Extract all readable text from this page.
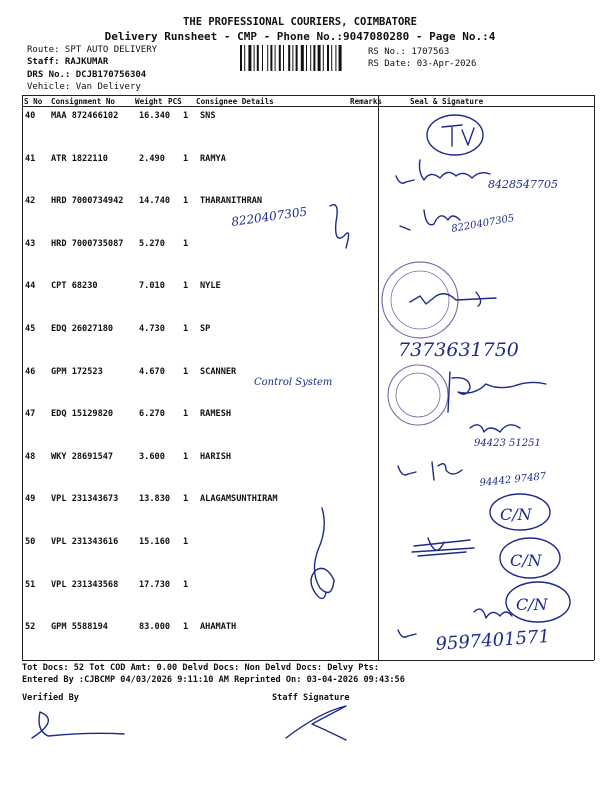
THE PROFESSIONAL COURIERS, COIMBATORE
Delivery Runsheet - CMP - Phone No.:9047080280 - Page No.:4
Route: SPT AUTO DELIVERY
Staff: RAJKUMAR
DRS No.: DCJB170756304
Vehicle: Van Delivery
RS No.: 1707563
RS Date: 03-Apr-2026
S No Consignment No	Weight PCS Consignee Details	Remarks	Seal & Signature
40 MAA 872466102 16.340 1 SNS
41 ATR 1822110	2.490 1 RAMYA
42 HRD 7000734942 14.740 1 THARANITHRAN
43 HRD 7000735087 5.270 1
44 CPT 68230	7.010 1 NYLE
45 EDQ 26027180	4.730 1 SP
46 GPM 172523	4.670 1 SCANNER
47 EDQ 15129820	6.270 1 RAMESH
48 WKY 28691547	3.600 1 HARISH
49 VPL 231343673 13.830 1 ALAGAMSUNTHIRAM
50 VPL 231343616 15.160 1
51 VPL 231343568 17.730 1
52 GPM 5588194	83.000 1 AHAMATH
8428547705
8220407305	8220407305
7373631750
Control System
94423 51251
94442 97487
C/N
C/N
C/N
9597401571
Tot Docs: 52 Tot COD Amt: 0.00 Delvd Docs: Non Delvd Docs: Delvy Pts:
Entered By :CJBCMP 04/03/2026 9:11:10 AM Reprinted On: 03-04-2026 09:43:56
Verified By	Staff Signature
